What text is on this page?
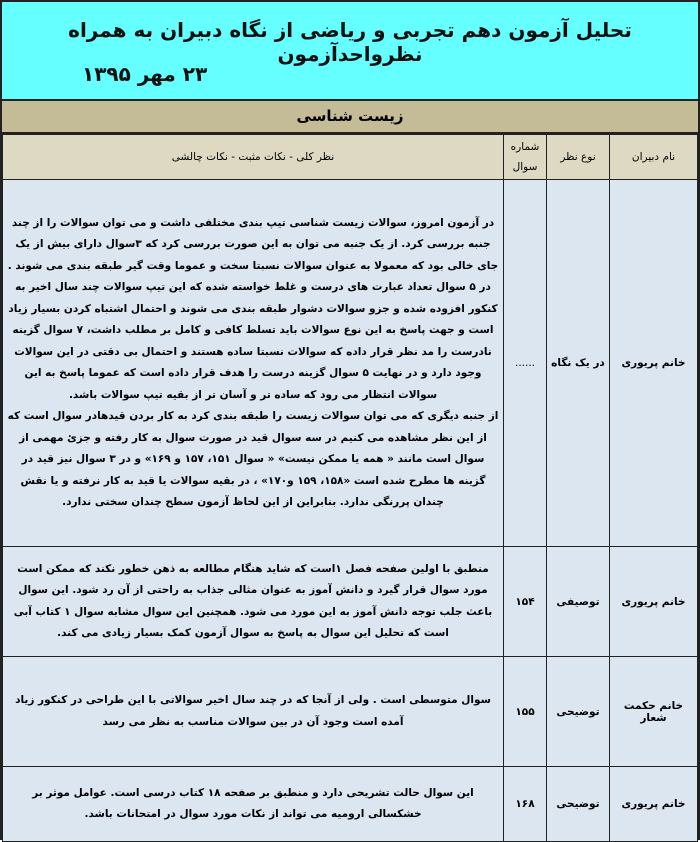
تحلیل آزمون دهم تجربی و ریاضی از نگاه دبیران به همراه نظرواحدآزمون
۲۳ مهر ۱۳۹۵
زیست شناسی
نام دبیران	نوع نظر	شماره سوال	نظر کلی - نکات مثبت - نکات چالشی
خانم پریوری	در یک نگاه	......	در آزمون امروز، سوالات زیست شناسی تیپ بندی مختلفی داشت و می توان سوالات را از چند جنبه بررسی کرد. از یک جنبه می توان به این صورت بررسی کرد که ۳سوال دارای بیش از یک جای خالی بود که معمولا به عنوان سوالات نسبتا سخت و عموما وقت گیر طبقه بندی می شوند . در ۵ سوال تعداد عبارت های درست و غلط خواسته شده که این تیپ سوالات چند سال اخیر به کنکور افزوده شده و جزو سوالات دشوار طبقه بندی می شوند و احتمال اشتباه کردن بسیار زیاد است و جهت پاسخ به این نوع سوالات باید تسلط کافی و کامل بر مطلب داشت، ۷ سوال گزینه نادرست را مد نظر قرار داده که سوالات نسبتا ساده هستند و احتمال بی دقتی در این سوالات وجود دارد و در نهایت ۵ سوال گزینه درست را هدف قرار داده است که عموما پاسخ به این سوالات انتظار می رود که ساده تر و آسان تر از بقیه تیپ سوالات باشد.
از جنبه دیگری که می توان سوالات زیست را طبقه بندی کرد به کار بردن قیدهادر سوال است که از این نظر مشاهده می کنیم در سه سوال قید در صورت سوال به کار رفته و جزئ مهمی از سوال است مانند « همه یا ممکن نیست» « سوال ۱۵۱، ۱۵۷ و ۱۶۹» و در ۳ سوال نیز قید در گزینه ها مطرح شده است «۱۵۸، ۱۵۹ و۱۷۰» ، در بقیه سوالات یا قید به کار نرفته و یا نقش چندان پررنگی ندارد. بنابراین از این لحاظ آزمون سطح چندان سختی ندارد.

خانم پریوری	توصیفی	۱۵۴	منطبق با اولین صفحه فصل ۱است که شاید هنگام مطالعه به ذهن خطور نکند که ممکن است مورد سوال قرار گیرد و دانش آموز به عنوان مثالی جذاب به راحتی از آن رد شود. این سوال باعث جلب توجه دانش آموز به این مورد می شود. همچنین این سوال مشابه سوال ۱ کتاب آبی است که تحلیل این سوال به پاسخ به سوال آزمون کمک بسیار زیادی می کند.
خانم حکمت شعار	توضیحی	۱۵۵	سوال متوسطی است . ولی از آنجا که در چند سال اخیر سوالاتی با این طراحی در کنکور زیاد آمده است وجود آن در بین سوالات مناسب به نظر می رسد
خانم پریوری	توضیحی	۱۶۸	این سوال حالت تشریحی دارد و منطبق بر صفحه ۱۸ کتاب درسی است. عوامل موثر بر خشکسالی ارومیه می تواند از نکات مورد سوال در امتحانات باشد.
